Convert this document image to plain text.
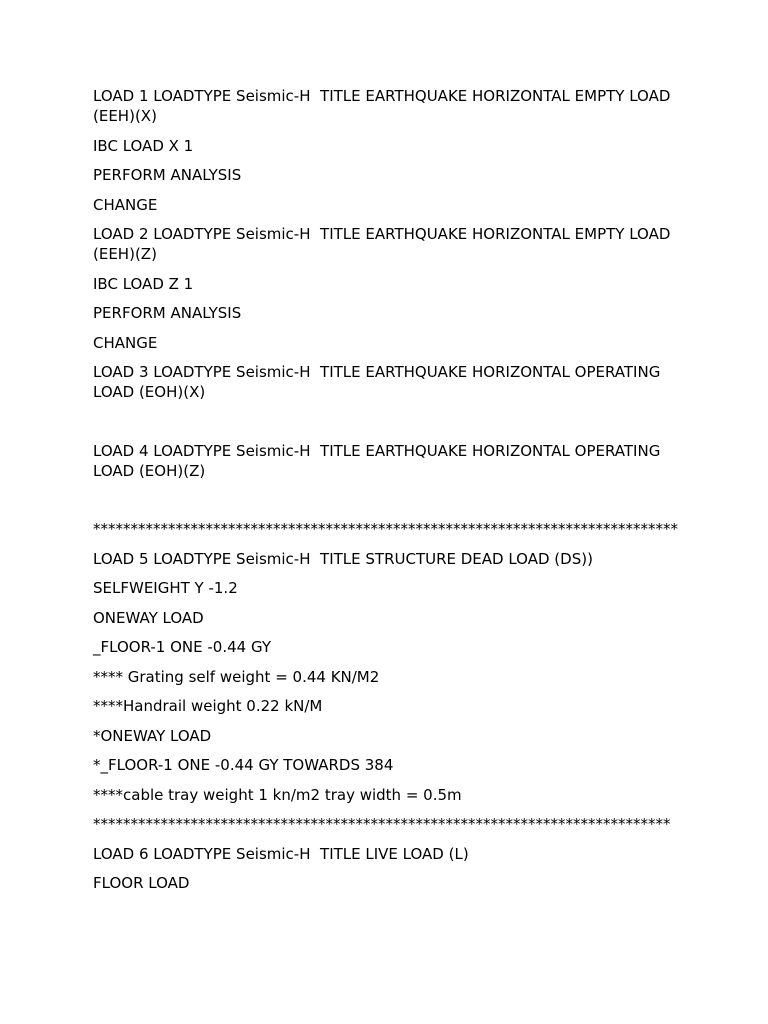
LOAD 1 LOADTYPE Seismic-H  TITLE EARTHQUAKE HORIZONTAL EMPTY LOAD (EEH)(X)
IBC LOAD X 1
PERFORM ANALYSIS
CHANGE
LOAD 2 LOADTYPE Seismic-H  TITLE EARTHQUAKE HORIZONTAL EMPTY LOAD (EEH)(Z)
IBC LOAD Z 1
PERFORM ANALYSIS
CHANGE
LOAD 3 LOADTYPE Seismic-H  TITLE EARTHQUAKE HORIZONTAL OPERATING LOAD (EOH)(X)
LOAD 4 LOADTYPE Seismic-H  TITLE EARTHQUAKE HORIZONTAL OPERATING LOAD (EOH)(Z)
******************************************************************************
LOAD 5 LOADTYPE Seismic-H  TITLE STRUCTURE DEAD LOAD (DS))
SELFWEIGHT Y -1.2
ONEWAY LOAD
_FLOOR-1 ONE -0.44 GY
**** Grating self weight = 0.44 KN/M2
****Handrail weight 0.22 kN/M
*ONEWAY LOAD
*_FLOOR-1 ONE -0.44 GY TOWARDS 384
****cable tray weight 1 kn/m2 tray width = 0.5m
*****************************************************************************
LOAD 6 LOADTYPE Seismic-H  TITLE LIVE LOAD (L)
FLOOR LOAD
